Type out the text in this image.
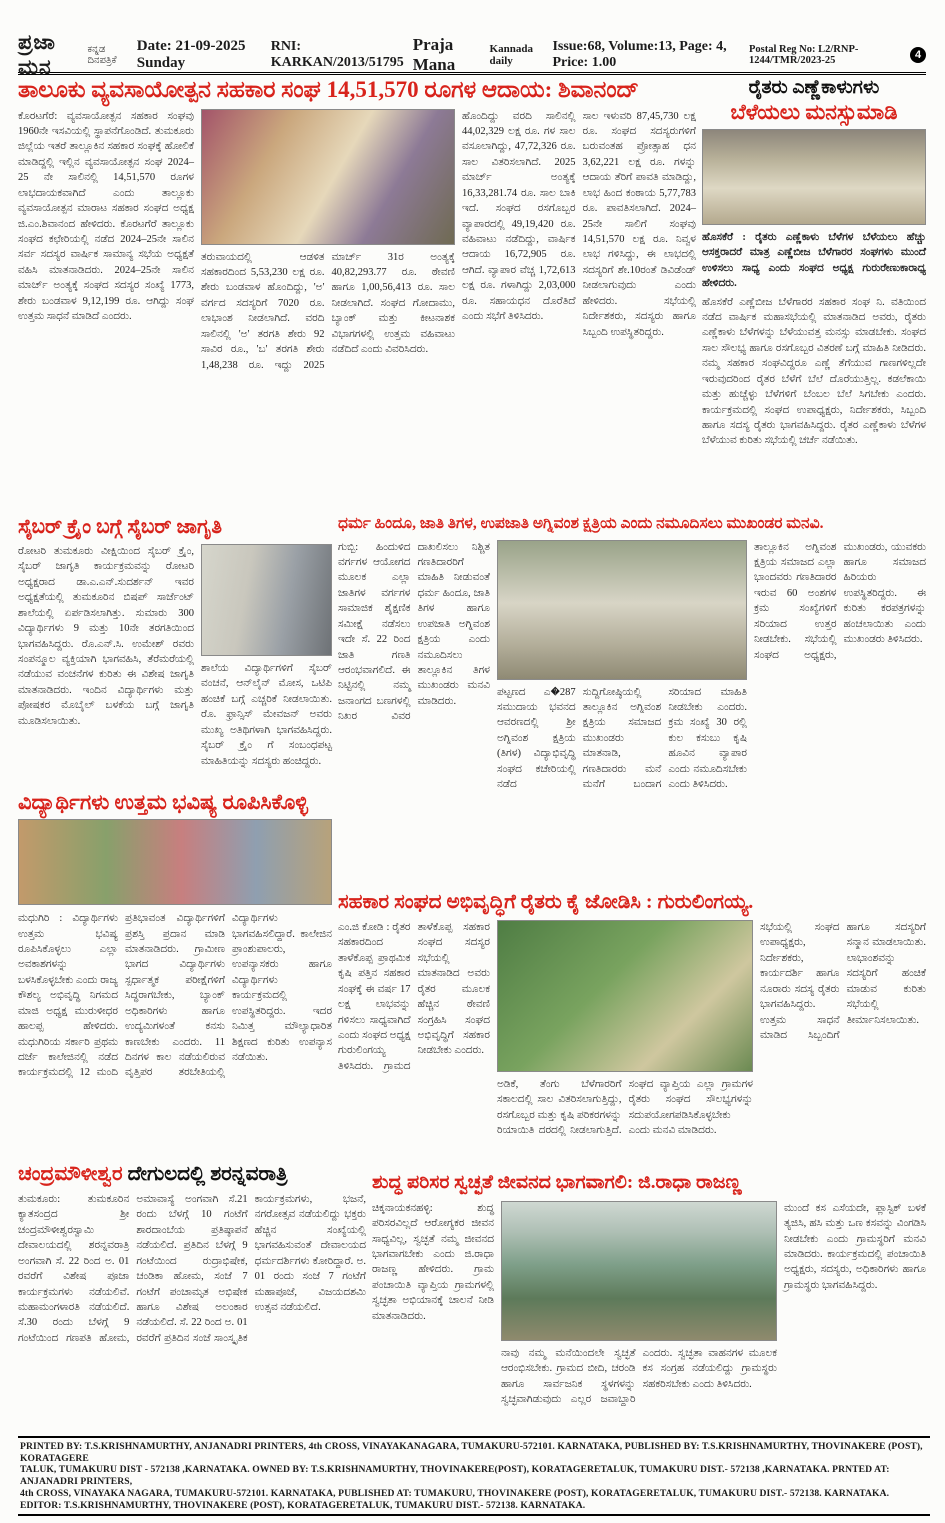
ಪ್ರಜಾ ಮನ
ಕನ್ನಡ ದಿನಪತ್ರಿಕೆ
Date: 21-09-2025 Sunday
RNI: KARKAN/2013/51795
Praja Mana
Kannada daily
Issue:68, Volume:13, Page: 4, Price: 1.00
Postal Reg No: L2/RNP-1244/TMR/2023-25	4
ತಾಲೂಕು ವ್ಯವಸಾಯೋತ್ಪನ ಸಹಕಾರ ಸಂಘ 14,51,570 ರೂಗಳ ಆದಾಯ: ಶಿವಾನಂದ್
ಕೊರಟಗೆರೆ: ವ್ಯವಸಾಯೋತ್ಪನ ಸಹಕಾರ ಸಂಘವು 1960ನೇ ಇಸವಿಯಲ್ಲಿ ಸ್ಥಾಪನೆಗೊಂಡಿದೆ. ತುಮಕೂರು ಜಿಲ್ಲೆಯ ಇತರೆ ತಾಲ್ಲೂಕಿನ ಸಹಕಾರ ಸಂಘಕ್ಕೆ ಹೋಲಿಕೆ ಮಾಡಿದ್ದಲ್ಲಿ ಇಲ್ಲಿನ ವ್ಯವಸಾಯೋತ್ಪನ ಸಂಘ 2024–25 ನೇ ಸಾಲಿನಲ್ಲಿ 14,51,570 ರೂಗಳ ಲಾಭದಾಯಕವಾಗಿದೆ ಎಂದು ತಾಲ್ಲೂಕು ವ್ಯವಸಾಯೋತ್ಪನ ಮಾರಾಟ ಸಹಕಾರ ಸಂಘದ ಅಧ್ಯಕ್ಷ ಜಿ.ಎಂ.ಶಿವಾನಂದ ಹೇಳಿದರು. ಕೊರಟಗೆರೆ ತಾಲ್ಲೂಕು ಸಂಘದ ಕಛೇರಿಯಲ್ಲಿ ನಡೆದ 2024–25ನೇ ಸಾಲಿನ ಸರ್ವ ಸದಸ್ಯರ ವಾರ್ಷಿಕ ಸಾಮಾನ್ಯ ಸಭೆಯ ಅಧ್ಯಕ್ಷತೆ ವಹಿಸಿ ಮಾತನಾಡಿದರು. 2024–25ನೇ ಸಾಲಿನ ಮಾರ್ಚ್ ಅಂತ್ಯಕ್ಕೆ ಸಂಘದ ಸದಸ್ಯರ ಸಂಖ್ಯೆ 1773, ಶೇರು ಬಂಡವಾಳ 9,12,199 ರೂ. ಆಗಿದ್ದು ಸಂಘ ಉತ್ತಮ ಸಾಧನೆ ಮಾಡಿದೆ ಎಂದರು.
ತರುವಾಯದಲ್ಲಿ ಆಡಳಿತ ಸಹಕಾರದಿಂದ 5,53,230 ಲಕ್ಷ ರೂ. ಶೇರು ಬಂಡವಾಳ ಹೊಂದಿದ್ದು, 'ಅ' ವರ್ಗದ ಸದಸ್ಯರಿಗೆ 7020 ರೂ. ಲಾಭಾಂಶ ನೀಡಲಾಗಿದೆ. ವರದಿ ಸಾಲಿನಲ್ಲಿ 'ಅ' ತರಗತಿ ಶೇರು 92 ಸಾವಿರ ರೂ., 'ಬ' ತರಗತಿ ಶೇರು 1,48,238 ರೂ. ಇದ್ದು 2025 ಮಾರ್ಚ್ 31ರ ಅಂತ್ಯಕ್ಕೆ 40,82,293.77 ರೂ. ಠೇವಣಿ ಹಾಗೂ 1,00,56,413 ರೂ. ಸಾಲ ನೀಡಲಾಗಿದೆ. ಸಂಘದ ಗೋದಾಮು, ಬ್ಯಾಂಕ್ ಮತ್ತು ಕೀಟನಾಶಕ ವಿಭಾಗಗಳಲ್ಲಿ ಉತ್ತಮ ವಹಿವಾಟು ನಡೆದಿದೆ ಎಂದು ವಿವರಿಸಿದರು.
ಹೊಂದಿದ್ದು ವರದಿ ಸಾಲಿನಲ್ಲಿ 44,02,329 ಲಕ್ಷ ರೂ. ಗಳ ಸಾಲ ವಸೂಲಾಗಿದ್ದು, 47,72,326 ರೂ. ಸಾಲ ವಿತರಿಸಲಾಗಿದೆ. 2025 ಮಾರ್ಚ್ ಅಂತ್ಯಕ್ಕೆ 16,33,281.74 ರೂ. ಸಾಲ ಬಾಕಿ ಇದೆ. ಸಂಘದ ರಸಗೊಬ್ಬರ ವ್ಯಾಪಾರದಲ್ಲಿ 49,19,420 ರೂ. ವಹಿವಾಟು ನಡೆದಿದ್ದು, ವಾರ್ಷಿಕ ಆದಾಯ 16,72,905 ರೂ. ಆಗಿದೆ. ವ್ಯಾಪಾರ ವೆಚ್ಚ 1,72,613 ಲಕ್ಷ ರೂ. ಗಳಾಗಿದ್ದು 2,03,000 ರೂ. ಸಹಾಯಧನ ದೊರೆತಿದೆ ಎಂದು ಸಭೆಗೆ ತಿಳಿಸಿದರು.
ಸಾಲ ಇಳುವರಿ 87,45,730 ಲಕ್ಷ ರೂ. ಸಂಘದ ಸದಸ್ಯರುಗಳಿಗೆ ಬರುವಂತಹ ಪ್ರೋತ್ಸಾಹ ಧನ 3,62,221 ಲಕ್ಷ ರೂ. ಗಳನ್ನು ಆದಾಯ ತೆರಿಗೆ ಪಾವತಿ ಮಾಡಿದ್ದು, ಲಾಭ ಹಿಂದ ಕಂಠಾಯ 5,77,783 ರೂ. ಪಾವತಿಸಲಾಗಿದೆ. 2024–25ನೇ ಸಾಲಿಗೆ ಸಂಘವು 14,51,570 ಲಕ್ಷ ರೂ. ನಿವ್ವಳ ಲಾಭ ಗಳಿಸಿದ್ದು, ಈ ಲಾಭದಲ್ಲಿ ಸದಸ್ಯರಿಗೆ ಶೇ.10ರಂತೆ ಡಿವಿಡೆಂಡ್ ನೀಡಲಾಗುವುದು ಎಂದು ಹೇಳಿದರು. ಸಭೆಯಲ್ಲಿ ನಿರ್ದೇಶಕರು, ಸದಸ್ಯರು ಹಾಗೂ ಸಿಬ್ಬಂದಿ ಉಪಸ್ಥಿತರಿದ್ದರು.
ರೈತರು ಎಣ್ಣೆಕಾಳುಗಳು
ಬೆಳೆಯಲು ಮನಸ್ಸುಮಾಡಿ
ಹೊಸಕೆರೆ : ರೈತರು ಎಣ್ಣೆಕಾಳು ಬೆಳೆಗಳ ಬೆಳೆಯಲು ಹೆಚ್ಚು ಆಸಕ್ತರಾದರೆ ಮಾತ್ರ ಎಣ್ಣೆಬೀಜ ಬೆಳೆಗಾರರ ಸಂಘಗಳು ಮುಂದೆ ಉಳಿಸಲು ಸಾಧ್ಯ ಎಂದು ಸಂಘದ ಅಧ್ಯಕ್ಷ ಗುರುರೇಣುಕಾರಾಧ್ಯ ಹೇಳಿದರು.
ಹೊಸಕೆರೆ ಎಣ್ಣೆಬೀಜ ಬೆಳೆಗಾರರ ಸಹಕಾರ ಸಂಘ ನಿ. ವತಿಯಿಂದ ನಡೆದ ವಾರ್ಷಿಕ ಮಹಾಸಭೆಯಲ್ಲಿ ಮಾತನಾಡಿದ ಅವರು, ರೈತರು ಎಣ್ಣೆಕಾಳು ಬೆಳೆಗಳನ್ನು ಬೆಳೆಯುವತ್ತ ಮನಸ್ಸು ಮಾಡಬೇಕು. ಸಂಘದ ಸಾಲ ಸೌಲಭ್ಯ ಹಾಗೂ ರಸಗೊಬ್ಬರ ವಿತರಣೆ ಬಗ್ಗೆ ಮಾಹಿತಿ ನೀಡಿದರು. ನಮ್ಮ ಸಹಕಾರ ಸಂಘವಿದ್ದರೂ ಎಣ್ಣೆ ತೆಗೆಯುವ ಗಾಣಗಳಿಲ್ಲದೇ ಇರುವುದರಿಂದ ರೈತರ ಬೆಳೆಗೆ ಬೆಲೆ ದೊರೆಯುತ್ತಿಲ್ಲ. ಕಡಲೆಕಾಯಿ ಮತ್ತು ಹುಚ್ಚೆಳ್ಳು ಬೆಳೆಗಳಿಗೆ ಬೆಂಬಲ ಬೆಲೆ ಸಿಗಬೇಕು ಎಂದರು. ಕಾರ್ಯಕ್ರಮದಲ್ಲಿ ಸಂಘದ ಉಪಾಧ್ಯಕ್ಷರು, ನಿರ್ದೇಶಕರು, ಸಿಬ್ಬಂದಿ ಹಾಗೂ ಸದಸ್ಯ ರೈತರು ಭಾಗವಹಿಸಿದ್ದರು. ರೈತರ ಎಣ್ಣೆಕಾಳು ಬೆಳೆಗಳ ಬೆಳೆಯುವ ಕುರಿತು ಸಭೆಯಲ್ಲಿ ಚರ್ಚೆ ನಡೆಯಿತು.
ಸೈಬರ್ ಕ್ರೈಂ ಬಗ್ಗೆ ಸೈಬರ್ ಜಾಗೃತಿ
ರೋಟರಿ ತುಮಕೂರು ವೀಕ್ಷಿಯಿಂದ ಸೈಬರ್ ಕ್ರೈಂ, ಸೈಬರ್ ಜಾಗೃತಿ ಕಾರ್ಯಕ್ರಮವನ್ನು ರೋಟರಿ ಅಧ್ಯಕ್ಷರಾದ ಡಾ.ಎ.ಎನ್.ಸುದರ್ಶನ್ ಇವರ ಅಧ್ಯಕ್ಷತೆಯಲ್ಲಿ ತುಮಕೂರಿನ ಬಿಷಪ್ ಸಾರ್ಜೆಂಟ್ ಶಾಲೆಯಲ್ಲಿ ಏರ್ಪಡಿಸಲಾಗಿತ್ತು. ಸುಮಾರು 300 ವಿದ್ಯಾರ್ಥಿಗಳು 9 ಮತ್ತು 10ನೇ ತರಗತಿಯಿಂದ ಭಾಗವಹಿಸಿದ್ದರು. ರೊ.ಎನ್.ಸಿ. ಉಮೇಶ್ ರವರು ಸಂಪನ್ಮೂಲ ವ್ಯಕ್ತಿಯಾಗಿ ಭಾಗವಹಿಸಿ, ತೆರೆಮರೆಯಲ್ಲಿ ನಡೆಯುವ ವಂಚನೆಗಳ ಕುರಿತು ಈ ವಿಶೇಷ ಜಾಗೃತಿ ಮಾತನಾಡಿದರು. ಇಂದಿನ ವಿದ್ಯಾರ್ಥಿಗಳು ಮತ್ತು ಪೋಷಕರ ಮೊಬೈಲ್ ಬಳಕೆಯ ಬಗ್ಗೆ ಜಾಗೃತಿ ಮೂಡಿಸಲಾಯಿತು.
ಶಾಲೆಯ ವಿದ್ಯಾರ್ಥಿಗಳಿಗೆ ಸೈಬರ್ ವಂಚನೆ, ಆನ್‌ಲೈನ್ ಮೋಸ, ಒಟಿಪಿ ಹಂಚಿಕೆ ಬಗ್ಗೆ ಎಚ್ಚರಿಕೆ ನೀಡಲಾಯಿತು. ರೊ. ಫ್ರಾನ್ಸಿಸ್ ಮೇವಜನ್ ಅವರು ಮುಖ್ಯ ಅತಿಥಿಗಳಾಗಿ ಭಾಗವಹಿಸಿದ್ದರು. ಸೈಬರ್ ಕ್ರೈಂ ಗೆ ಸಂಬಂಧಪಟ್ಟ ಮಾಹಿತಿಯನ್ನು ಸದಸ್ಯರು ಹಂಚಿದ್ದರು.
ಧರ್ಮ ಹಿಂದೂ, ಜಾತಿ ತಿಗಳ, ಉಪಜಾತಿ ಅಗ್ನಿವಂಶ ಕ್ಷತ್ರಿಯ ಎಂದು ನಮೂದಿಸಲು ಮುಖಂಡರ ಮನವಿ.
ಗುಬ್ಬಿ: ಹಿಂದುಳಿದ ವರ್ಗಗಳ ಆಯೋಗದ ಮೂಲಕ ಎಲ್ಲಾ ಜಾತಿಗಳ ವರ್ಗಗಳ ಸಾಮಾಜಿಕ ಶೈಕ್ಷಣಿಕ ಸಮೀಕ್ಷೆ ನಡೆಸಲು ಇದೇ ಸೆ. 22 ರಿಂದ ಜಾತಿ ಗಣತಿ ಆರಂಭವಾಗಲಿದೆ. ಈ ನಿಟ್ಟಿನಲ್ಲಿ ನಮ್ಮ ಜನಾಂಗದ ಬಣಗಳಲ್ಲಿ ನಿಖರ ವಿವರ ದಾಖಲಿಸಲು ನಿಶ್ಚಿತ ಗಣತಿದಾರರಿಗೆ ಮಾಹಿತಿ ನೀಡುವಂತೆ ಧರ್ಮ ಹಿಂದೂ, ಜಾತಿ ತಿಗಳ ಹಾಗೂ ಉಪಜಾತಿ ಅಗ್ನಿವಂಶ ಕ್ಷತ್ರಿಯ ಎಂದು ನಮೂದಿಸಲು ತಾಲ್ಲೂಕಿನ ತಿಗಳ ಮುಖಂಡರು ಮನವಿ ಮಾಡಿದರು.
ಪಟ್ಟಣದ ಎ�287 ಸಮುದಾಯ ಭವನದ ಆವರಣದಲ್ಲಿ ಶ್ರೀ ಅಗ್ನಿವಂಶ ಕ್ಷತ್ರಿಯ (ತಿಗಳ) ವಿದ್ಯಾಭಿವೃದ್ಧಿ ಸಂಘದ ಕಚೇರಿಯಲ್ಲಿ ನಡೆದ ಸುದ್ದಿಗೋಷ್ಠಿಯಲ್ಲಿ ತಾಲ್ಲೂಕಿನ ಅಗ್ನಿವಂಶ ಕ್ಷತ್ರಿಯ ಸಮಾಜದ ಮುಖಂಡರು ಮಾತನಾಡಿ, ಗಣತಿದಾರರು ಮನೆ ಮನೆಗೆ ಬಂದಾಗ ಸರಿಯಾದ ಮಾಹಿತಿ ನೀಡಬೇಕು ಎಂದರು. ಕ್ರಮ ಸಂಖ್ಯೆ 30 ರಲ್ಲಿ ಕುಲ ಕಸುಬು ಕೃಷಿ ಹೂವಿನ ವ್ಯಾಪಾರ ಎಂದು ನಮೂದಿಸಬೇಕು ಎಂದು ತಿಳಿಸಿದರು.
ತಾಲ್ಲೂಕಿನ ಅಗ್ನಿವಂಶ ಕ್ಷತ್ರಿಯ ಸಮಾಜದ ಎಲ್ಲಾ ಭಾಂದವರು ಗಣತಿದಾರರ ಇರುವ 60 ಅಂಶಗಳ ಕ್ರಮ ಸಂಖ್ಯೆಗಳಿಗೆ ಸರಿಯಾದ ಉತ್ತರ ನೀಡಬೇಕು. ಸಭೆಯಲ್ಲಿ ಸಂಘದ ಅಧ್ಯಕ್ಷರು, ಮುಖಂಡರು, ಯುವಕರು ಹಾಗೂ ಸಮಾಜದ ಹಿರಿಯರು ಉಪಸ್ಥಿತರಿದ್ದರು. ಈ ಕುರಿತು ಕರಪತ್ರಗಳನ್ನು ಹಂಚಲಾಯಿತು ಎಂದು ಮುಖಂಡರು ತಿಳಿಸಿದರು.
ವಿದ್ಯಾರ್ಥಿಗಳು ಉತ್ತಮ ಭವಿಷ್ಯ ರೂಪಿಸಿಕೊಳ್ಳಿ
ಮಧುಗಿರಿ : ವಿದ್ಯಾರ್ಥಿಗಳು ಉತ್ತಮ ಭವಿಷ್ಯ ರೂಪಿಸಿಕೊಳ್ಳಲು ಎಲ್ಲಾ ಅವಕಾಶಗಳನ್ನು ಬಳಸಿಕೊಳ್ಳಬೇಕು ಎಂದು ರಾಜ್ಯ ಕೌಶಲ್ಯ ಅಭಿವೃದ್ಧಿ ನಿಗಮದ ಮಾಜಿ ಅಧ್ಯಕ್ಷ ಮುರುಳೀಧರ ಹಾಲಪ್ಪ ಹೇಳಿದರು. ಮಧುಗಿರಿಯ ಸರ್ಕಾರಿ ಪ್ರಥಮ ದರ್ಜೆ ಕಾಲೇಜಿನಲ್ಲಿ ನಡೆದ ಕಾರ್ಯಕ್ರಮದಲ್ಲಿ 12 ಮಂದಿ ಪ್ರತಿಭಾವಂತ ವಿದ್ಯಾರ್ಥಿಗಳಿಗೆ ಪ್ರಶಸ್ತಿ ಪ್ರದಾನ ಮಾಡಿ ಮಾತನಾಡಿದರು. ಗ್ರಾಮೀಣ ಭಾಗದ ವಿದ್ಯಾರ್ಥಿಗಳು ಸ್ಪರ್ಧಾತ್ಮಕ ಪರೀಕ್ಷೆಗಳಿಗೆ ಸಿದ್ಧರಾಗಬೇಕು, ಬ್ಯಾಂಕ್ ಅಧಿಕಾರಿಗಳು ಹಾಗೂ ಉದ್ಯಮಿಗಳಂತೆ ಕನಸು ಕಾಣಬೇಕು ಎಂದರು. 11 ದಿನಗಳ ಕಾಲ ನಡೆಯಲಿರುವ ವೃತ್ತಿಪರ ತರಬೇತಿಯಲ್ಲಿ ವಿದ್ಯಾರ್ಥಿಗಳು ಭಾಗವಹಿಸಲಿದ್ದಾರೆ. ಕಾಲೇಜಿನ ಪ್ರಾಂಶುಪಾಲರು, ಉಪನ್ಯಾಸಕರು ಹಾಗೂ ವಿದ್ಯಾರ್ಥಿಗಳು ಕಾರ್ಯಕ್ರಮದಲ್ಲಿ ಉಪಸ್ಥಿತರಿದ್ದರು. ಇದರ ನಿಮಿತ್ತ ಮೌಲ್ಯಾಧಾರಿತ ಶಿಕ್ಷಣದ ಕುರಿತು ಉಪನ್ಯಾಸ ನಡೆಯಿತು.
ಸಹಕಾರ ಸಂಘದ ಅಭಿವೃದ್ಧಿಗೆ ರೈತರು ಕೈ ಜೋಡಿಸಿ : ಗುರುಲಿಂಗಯ್ಯ.
ಎಂ.ಜಿ ಕೋಡಿ : ರೈತರ ಸಹಕಾರದಿಂದ ತಾಳೆಕೊಪ್ಪ ಪ್ರಾಥಮಿಕ ಕೃಷಿ ಪತ್ತಿನ ಸಹಕಾರ ಸಂಘಕ್ಕೆ ಈ ವರ್ಷ 17 ಲಕ್ಷ ಲಾಭವನ್ನು ಗಳಿಸಲು ಸಾಧ್ಯವಾಗಿದೆ ಎಂದು ಸಂಘದ ಅಧ್ಯಕ್ಷ ಗುರುಲಿಂಗಯ್ಯ ತಿಳಿಸಿದರು. ಗ್ರಾಮದ ತಾಳೆಕೊಪ್ಪ ಸಹಕಾರ ಸಂಘದ ಸದಸ್ಯರ ಸಭೆಯಲ್ಲಿ ಮಾತನಾಡಿದ ಅವರು ರೈತರ ಮೂಲಕ ಹೆಚ್ಚಿನ ಠೇವಣಿ ಸಂಗ್ರಹಿಸಿ ಸಂಘದ ಅಭಿವೃದ್ಧಿಗೆ ಸಹಕಾರ ನೀಡಬೇಕು ಎಂದರು.
ಅಡಿಕೆ, ತೆಂಗು ಬೆಳೆಗಾರರಿಗೆ ಸಕಾಲದಲ್ಲಿ ಸಾಲ ವಿತರಿಸಲಾಗುತ್ತಿದ್ದು, ರಸಗೊಬ್ಬರ ಮತ್ತು ಕೃಷಿ ಪರಿಕರಗಳನ್ನು ರಿಯಾಯಿತಿ ದರದಲ್ಲಿ ನೀಡಲಾಗುತ್ತಿದೆ. ಸಂಘದ ವ್ಯಾಪ್ತಿಯ ಎಲ್ಲಾ ಗ್ರಾಮಗಳ ರೈತರು ಸಂಘದ ಸೌಲಭ್ಯಗಳನ್ನು ಸದುಪಯೋಗಪಡಿಸಿಕೊಳ್ಳಬೇಕು ಎಂದು ಮನವಿ ಮಾಡಿದರು.
ಸಭೆಯಲ್ಲಿ ಸಂಘದ ಉಪಾಧ್ಯಕ್ಷರು, ನಿರ್ದೇಶಕರು, ಕಾರ್ಯದರ್ಶಿ ಹಾಗೂ ನೂರಾರು ಸದಸ್ಯ ರೈತರು ಭಾಗವಹಿಸಿದ್ದರು. ಉತ್ತಮ ಸಾಧನೆ ಮಾಡಿದ ಸಿಬ್ಬಂದಿಗೆ ಹಾಗೂ ಸದಸ್ಯರಿಗೆ ಸನ್ಮಾನ ಮಾಡಲಾಯಿತು. ಲಾಭಾಂಶವನ್ನು ಸದಸ್ಯರಿಗೆ ಹಂಚಿಕೆ ಮಾಡುವ ಕುರಿತು ಸಭೆಯಲ್ಲಿ ತೀರ್ಮಾನಿಸಲಾಯಿತು.
ಚಂದ್ರಮೌಳೀಶ್ವರ ದೇಗುಲದಲ್ಲಿ ಶರನ್ನವರಾತ್ರಿ
ತುಮಕೂರು: ತುಮಕೂರಿನ ಕ್ಯಾತಸಂದ್ರದ ಶ್ರೀ ಚಂದ್ರಮೌಳೀಶ್ವರಸ್ವಾಮಿ ದೇವಾಲಯದಲ್ಲಿ ಶರನ್ನವರಾತ್ರಿ ಅಂಗವಾಗಿ ಸೆ. 22 ರಿಂದ ಅ. 01 ರವರೆಗೆ ವಿಶೇಷ ಪೂಜಾ ಕಾರ್ಯಕ್ರಮಗಳು ನಡೆಯಲಿವೆ. ಮಹಾಮಂಗಳಾರತಿ ನಡೆಯಲಿದೆ. ಸೆ.30 ರಂದು ಬೆಳಗ್ಗೆ 9 ಗಂಟೆಯಿಂದ ಗಣಪತಿ ಹೋಮ, ಅಮಾವಾಸ್ಯೆ ಅಂಗವಾಗಿ ಸೆ.21 ರಂದು ಬೆಳಗ್ಗೆ 10 ಗಂಟೆಗೆ ಶಾರದಾಂಬೆಯ ಪ್ರತಿಷ್ಠಾಪನೆ ನಡೆಯಲಿದೆ. ಪ್ರತಿದಿನ ಬೆಳಗ್ಗೆ 9 ಗಂಟೆಯಿಂದ ರುದ್ರಾಭಿಷೇಕ, ಚಂಡಿಕಾ ಹೋಮ, ಸಂಜೆ 7 ಗಂಟೆಗೆ ಪಂಚಾಮೃತ ಅಭಿಷೇಕ ಹಾಗೂ ವಿಶೇಷ ಅಲಂಕಾರ ನಡೆಯಲಿದೆ. ಸೆ. 22 ರಿಂದ ಅ. 01 ರವರೆಗೆ ಪ್ರತಿದಿನ ಸಂಜೆ ಸಾಂಸ್ಕೃತಿಕ ಕಾರ್ಯಕ್ರಮಗಳು, ಭಜನೆ, ನಗರೋತ್ಸವ ನಡೆಯಲಿದ್ದು ಭಕ್ತರು ಹೆಚ್ಚಿನ ಸಂಖ್ಯೆಯಲ್ಲಿ ಭಾಗವಹಿಸುವಂತೆ ದೇವಾಲಯದ ಧರ್ಮದರ್ಶಿಗಳು ಕೋರಿದ್ದಾರೆ. ಅ. 01 ರಂದು ಸಂಜೆ 7 ಗಂಟೆಗೆ ಮಹಾಪೂಜೆ, ವಿಜಯದಶಮಿ ಉತ್ಸವ ನಡೆಯಲಿದೆ.
ಶುದ್ಧ ಪರಿಸರ ಸ್ವಚ್ಛತೆ ಜೀವನದ ಭಾಗವಾಗಲಿ: ಜಿ.ರಾಧಾ ರಾಜಣ್ಣ
ಚಿಕ್ಕನಾಯಕನಹಳ್ಳಿ: ಶುದ್ಧ ಪರಿಸರವಿಲ್ಲದೆ ಆರೋಗ್ಯಕರ ಜೀವನ ಸಾಧ್ಯವಿಲ್ಲ, ಸ್ವಚ್ಛತೆ ನಮ್ಮ ಜೀವನದ ಭಾಗವಾಗಬೇಕು ಎಂದು ಜಿ.ರಾಧಾ ರಾಜಣ್ಣ ಹೇಳಿದರು. ಗ್ರಾಮ ಪಂಚಾಯಿತಿ ವ್ಯಾಪ್ತಿಯ ಗ್ರಾಮಗಳಲ್ಲಿ ಸ್ವಚ್ಛತಾ ಅಭಿಯಾನಕ್ಕೆ ಚಾಲನೆ ನೀಡಿ ಮಾತನಾಡಿದರು.
ನಾವು ನಮ್ಮ ಮನೆಯಿಂದಲೇ ಸ್ವಚ್ಛತೆ ಆರಂಭಿಸಬೇಕು. ಗ್ರಾಮದ ಬೀದಿ, ಚರಂಡಿ ಹಾಗೂ ಸಾರ್ವಜನಿಕ ಸ್ಥಳಗಳನ್ನು ಸ್ವಚ್ಛವಾಗಿಡುವುದು ಎಲ್ಲರ ಜವಾಬ್ದಾರಿ ಎಂದರು. ಸ್ವಚ್ಛತಾ ವಾಹನಗಳ ಮೂಲಕ ಕಸ ಸಂಗ್ರಹ ನಡೆಯಲಿದ್ದು ಗ್ರಾಮಸ್ಥರು ಸಹಕರಿಸಬೇಕು ಎಂದು ತಿಳಿಸಿದರು.
ಮುಂದೆ ಕಸ ಎಸೆಯದೇ, ಪ್ಲಾಸ್ಟಿಕ್ ಬಳಕೆ ತ್ಯಜಿಸಿ, ಹಸಿ ಮತ್ತು ಒಣ ಕಸವನ್ನು ವಿಂಗಡಿಸಿ ನೀಡಬೇಕು ಎಂದು ಗ್ರಾಮಸ್ಥರಿಗೆ ಮನವಿ ಮಾಡಿದರು. ಕಾರ್ಯಕ್ರಮದಲ್ಲಿ ಪಂಚಾಯಿತಿ ಅಧ್ಯಕ್ಷರು, ಸದಸ್ಯರು, ಅಧಿಕಾರಿಗಳು ಹಾಗೂ ಗ್ರಾಮಸ್ಥರು ಭಾಗವಹಿಸಿದ್ದರು.
PRINTED BY: T.S.KRISHNAMURTHY, ANJANADRI PRINTERS, 4th CROSS, VINAYAKANAGARA, TUMAKURU-572101. KARNATAKA, PUBLISHED BY: T.S.KRISHNAMURTHY, THOVINAKERE (POST), KORATAGERE
TALUK, TUMAKURU DIST - 572138 ,KARNATAKA. OWNED BY: T.S.KRISHNAMURTHY, THOVINAKERE(POST), KORATAGERETALUK, TUMAKURU DIST.- 572138 ,KARNATAKA. PRNTED AT: ANJANADRI PRINTERS,
4th CROSS, VINAYAKA NAGARA, TUMAKURU-572101. KARNATAKA, PUBLISHED AT: TUMAKURU, THOVINAKERE (POST), KORATAGERETALUK, TUMAKURU DIST.- 572138. KARNATAKA.
EDITOR: T.S.KRISHNAMURTHY, THOVINAKERE (POST), KORATAGERETALUK, TUMAKURU DIST.- 572138. KARNATAKA.
